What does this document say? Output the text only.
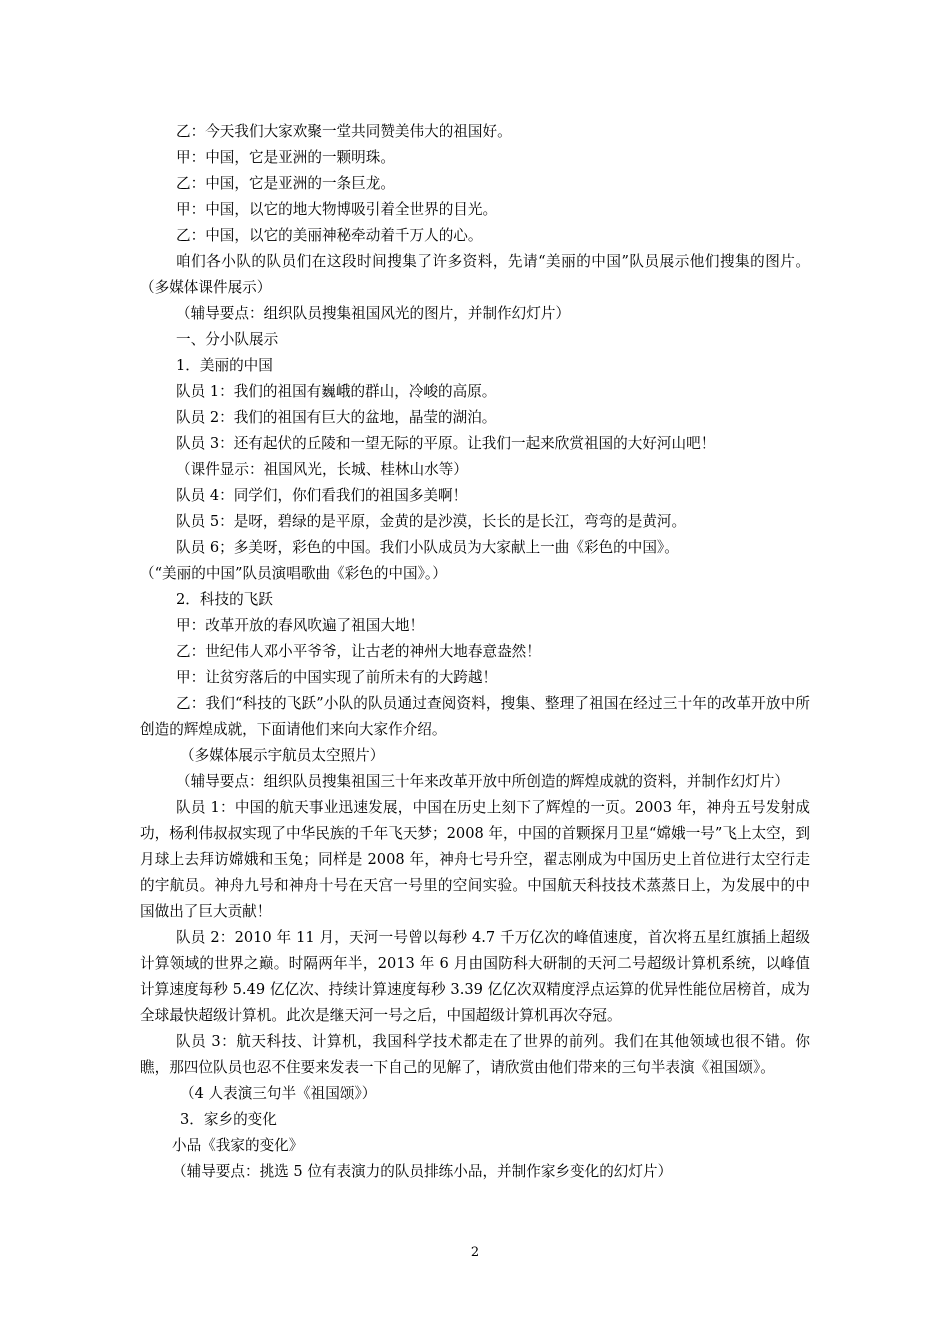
乙：今天我们大家欢聚一堂共同赞美伟大的祖国好。

甲：中国，它是亚洲的一颗明珠。

乙：中国，它是亚洲的一条巨龙。

甲：中国，以它的地大物博吸引着全世界的目光。

乙：中国，以它的美丽神秘牵动着千万人的心。

咱们各小队的队员们在这段时间搜集了许多资料，先请“美丽的中国”队员展示他们搜集的图片。（多媒体课件展示）

（辅导要点：组织队员搜集祖国风光的图片，并制作幻灯片）

一、分小队展示

1．美丽的中国

队员 1：我们的祖国有巍峨的群山，冷峻的高原。

队员 2：我们的祖国有巨大的盆地，晶莹的湖泊。

队员 3：还有起伏的丘陵和一望无际的平原。让我们一起来欣赏祖国的大好河山吧！

（课件显示：祖国风光，长城、桂林山水等）

队员 4：同学们，你们看我们的祖国多美啊！

队员 5：是呀，碧绿的是平原，金黄的是沙漠，长长的是长江，弯弯的是黄河。

队员 6；多美呀，彩色的中国。我们小队成员为大家献上一曲《彩色的中国》。

（“美丽的中国”队员演唱歌曲《彩色的中国》。）

2．科技的飞跃

甲：改革开放的春风吹遍了祖国大地！

乙：世纪伟人邓小平爷爷，让古老的神州大地春意盎然！

甲：让贫穷落后的中国实现了前所未有的大跨越！

乙：我们“科技的飞跃”小队的队员通过查阅资料，搜集、整理了祖国在经过三十年的改革开放中所创造的辉煌成就，下面请他们来向大家作介绍。

（多媒体展示宇航员太空照片）

（辅导要点：组织队员搜集祖国三十年来改革开放中所创造的辉煌成就的资料，并制作幻灯片）

队员 1：中国的航天事业迅速发展，中国在历史上刻下了辉煌的一页。2003 年，神舟五号发射成功，杨利伟叔叔实现了中华民族的千年飞天梦；2008 年，中国的首颗探月卫星“嫦娥一号”飞上太空，到月球上去拜访嫦娥和玉兔；同样是 2008 年，神舟七号升空，翟志刚成为中国历史上首位进行太空行走的宇航员。神舟九号和神舟十号在天宫一号里的空间实验。中国航天科技技术蒸蒸日上，为发展中的中国做出了巨大贡献！

队员 2：2010 年 11 月，天河一号曾以每秒 4.7 千万亿次的峰值速度，首次将五星红旗插上超级计算领域的世界之巅。时隔两年半，2013 年 6 月由国防科大研制的天河二号超级计算机系统，以峰值计算速度每秒 5.49 亿亿次、持续计算速度每秒 3.39 亿亿次双精度浮点运算的优异性能位居榜首，成为全球最快超级计算机。此次是继天河一号之后，中国超级计算机再次夺冠。

队员 3：航天科技、计算机，我国科学技术都走在了世界的前列。我们在其他领域也很不错。你瞧，那四位队员也忍不住要来发表一下自己的见解了，请欣赏由他们带来的三句半表演《祖国颂》。

（4 人表演三句半《祖国颂》）

3．家乡的变化

小品《我家的变化》

（辅导要点：挑选 5 位有表演力的队员排练小品，并制作家乡变化的幻灯片）

2
